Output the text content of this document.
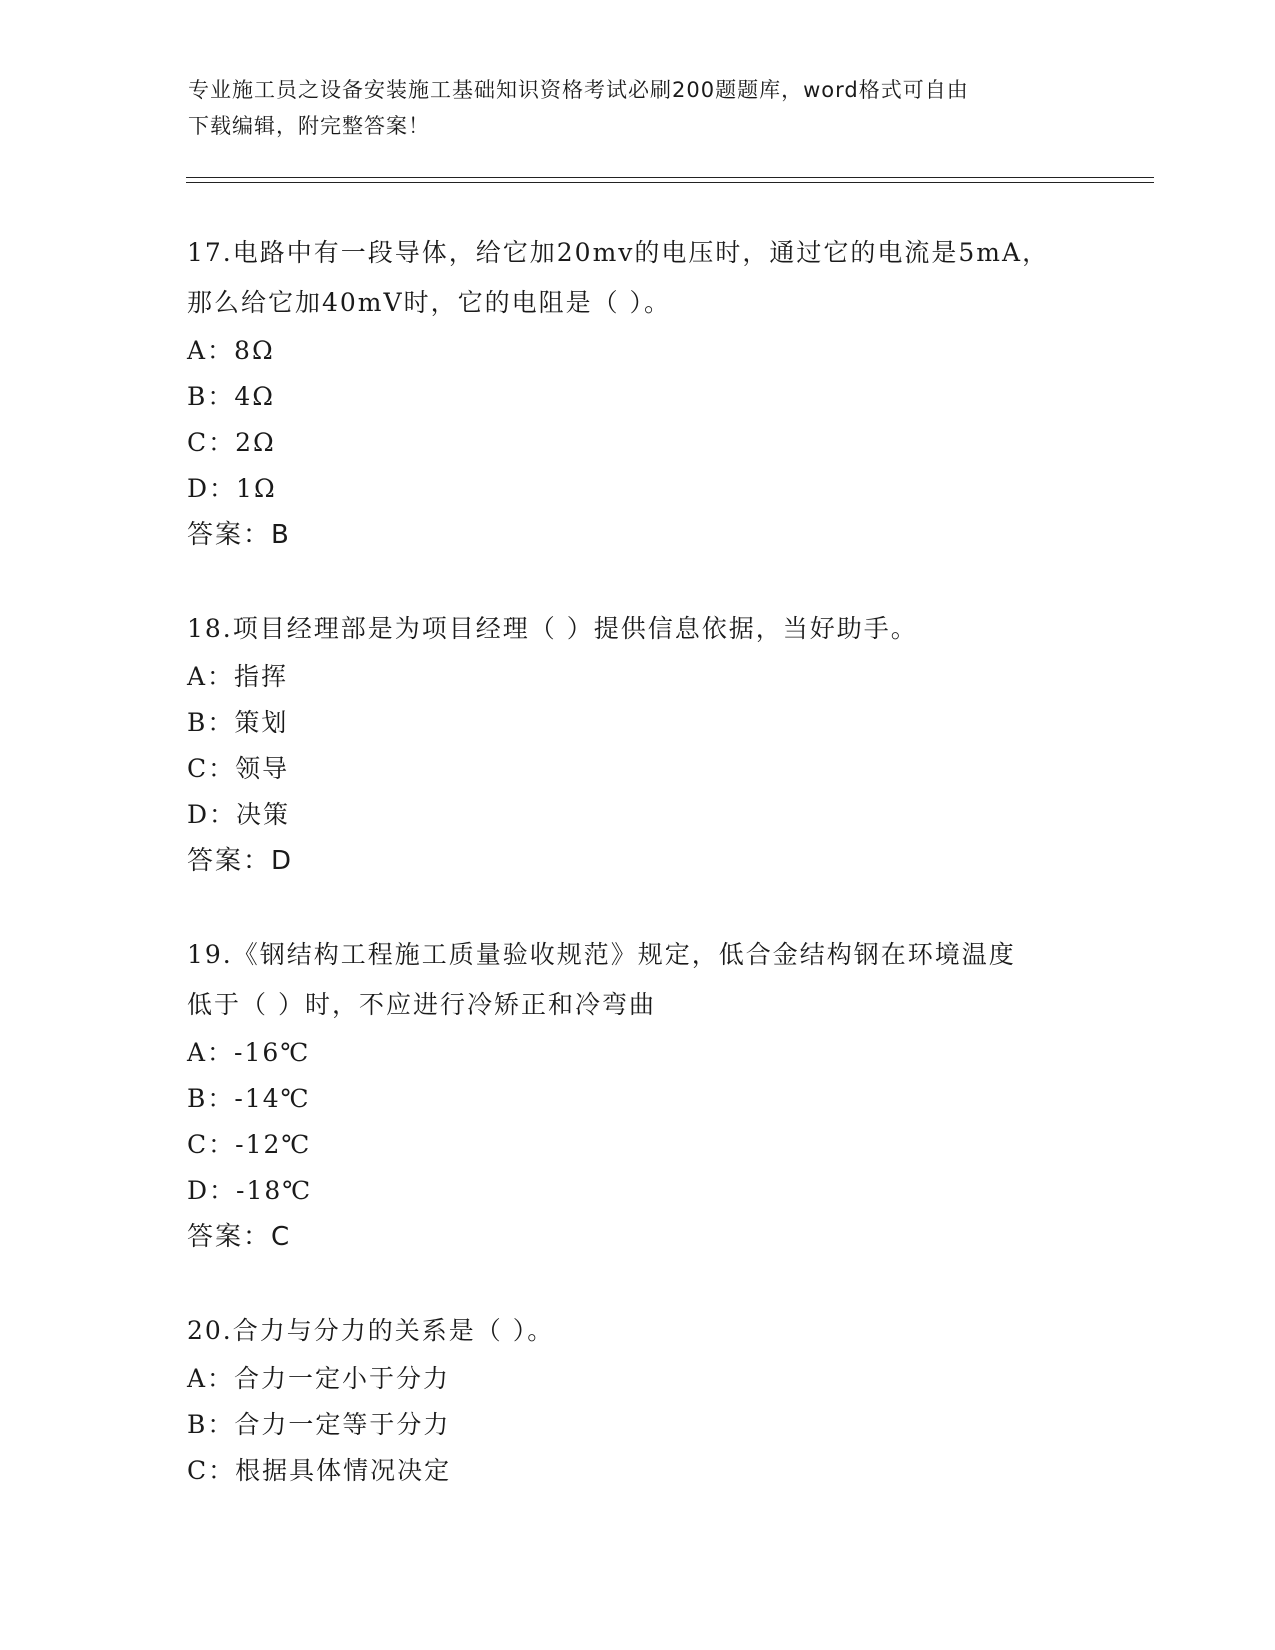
专业施工员之设备安装施工基础知识资格考试必刷200题题库，word格式可自由
下载编辑，附完整答案！
17.电路中有一段导体，给它加20mv的电压时，通过它的电流是5mA，
那么给它加40mV时，它的电阻是（ ）。
A：8Ω
B：4Ω
C：2Ω
D：1Ω
答案：B
18.项目经理部是为项目经理（ ）提供信息依据，当好助手。
A：指挥
B：策划
C：领导
D：决策
答案：D
19.《钢结构工程施工质量验收规范》规定，低合金结构钢在环境温度
低于（ ）时，不应进行冷矫正和冷弯曲
A：-16℃
B：-14℃
C：-12℃
D：-18℃
答案：C
20.合力与分力的关系是（ ）。
A：合力一定小于分力
B：合力一定等于分力
C：根据具体情况决定
